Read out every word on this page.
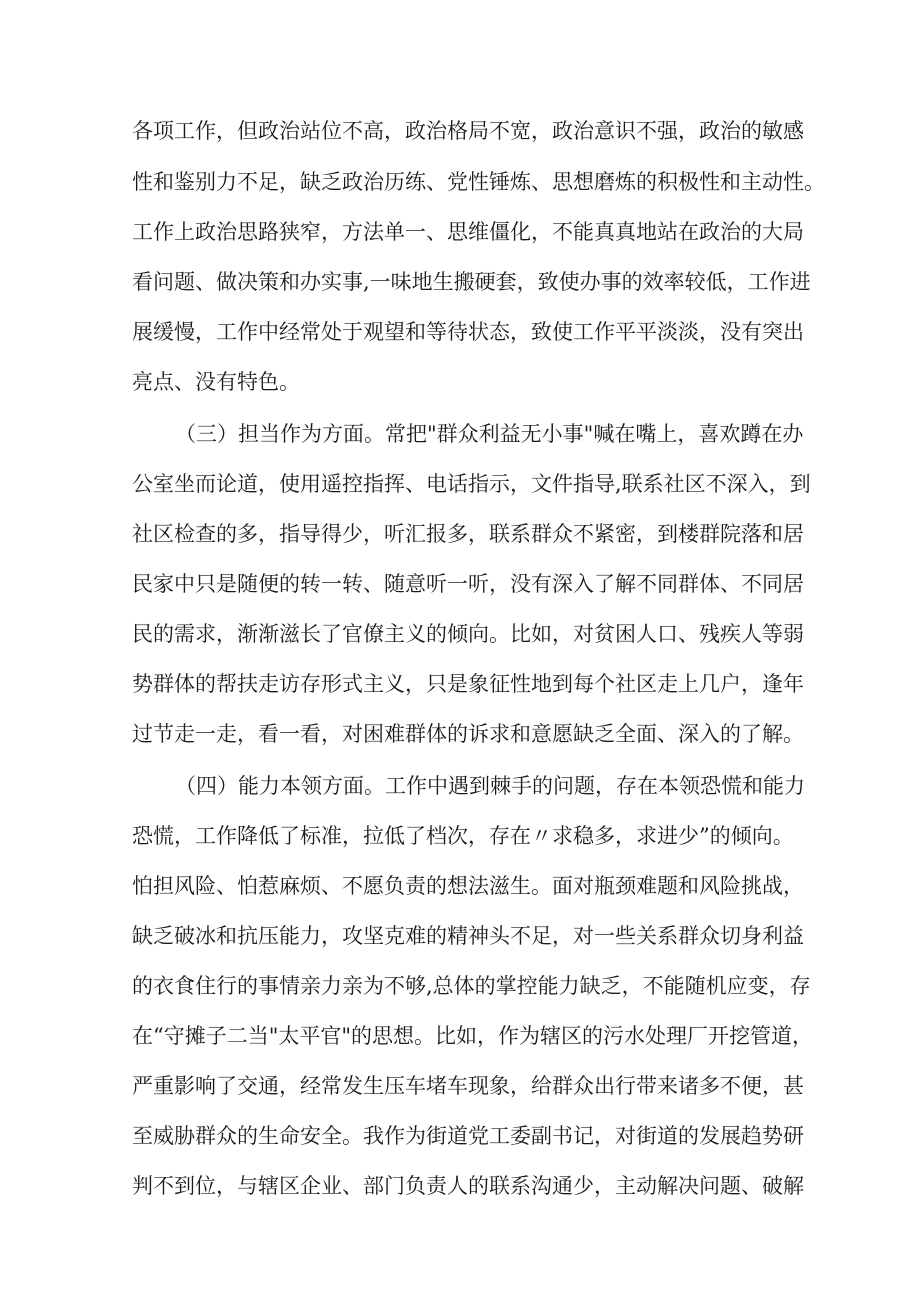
各项工作，但政治站位不高，政治格局不宽，政治意识不强，政治的敏感
性和鉴别力不足，缺乏政治历练、党性锤炼、思想磨炼的积极性和主动性。
工作上政治思路狭窄，方法单一、思维僵化，不能真真地站在政治的大局
看问题、做决策和办实事,一味地生搬硬套，致使办事的效率较低，工作进
展缓慢，工作中经常处于观望和等待状态，致使工作平平淡淡，没有突出
亮点、没有特色。
（三）担当作为方面。常把"群众利益无小事"喊在嘴上，喜欢蹲在办
公室坐而论道，使用遥控指挥、电话指示，文件指导,联系社区不深入，到
社区检查的多，指导得少，听汇报多，联系群众不紧密，到楼群院落和居
民家中只是随便的转一转、随意听一听，没有深入了解不同群体、不同居
民的需求，渐渐滋长了官僚主义的倾向。比如，对贫困人口、残疾人等弱
势群体的帮扶走访存形式主义，只是象征性地到每个社区走上几户，逢年
过节走一走，看一看，对困难群体的诉求和意愿缺乏全面、深入的了解。
（四）能力本领方面。工作中遇到棘手的问题，存在本领恐慌和能力
恐慌，工作降低了标准，拉低了档次，存在〃求稳多，求进少”的倾向。
怕担风险、怕惹麻烦、不愿负责的想法滋生。面对瓶颈难题和风险挑战，
缺乏破冰和抗压能力，攻坚克难的精神头不足，对一些关系群众切身利益
的衣食住行的事情亲力亲为不够,总体的掌控能力缺乏，不能随机应变，存
在“守摊子二当"太平官"的思想。比如，作为辖区的污水处理厂开挖管道，
严重影响了交通，经常发生压车堵车现象，给群众出行带来诸多不便，甚
至威胁群众的生命安全。我作为街道党工委副书记，对街道的发展趋势研
判不到位，与辖区企业、部门负责人的联系沟通少，主动解决问题、破解
